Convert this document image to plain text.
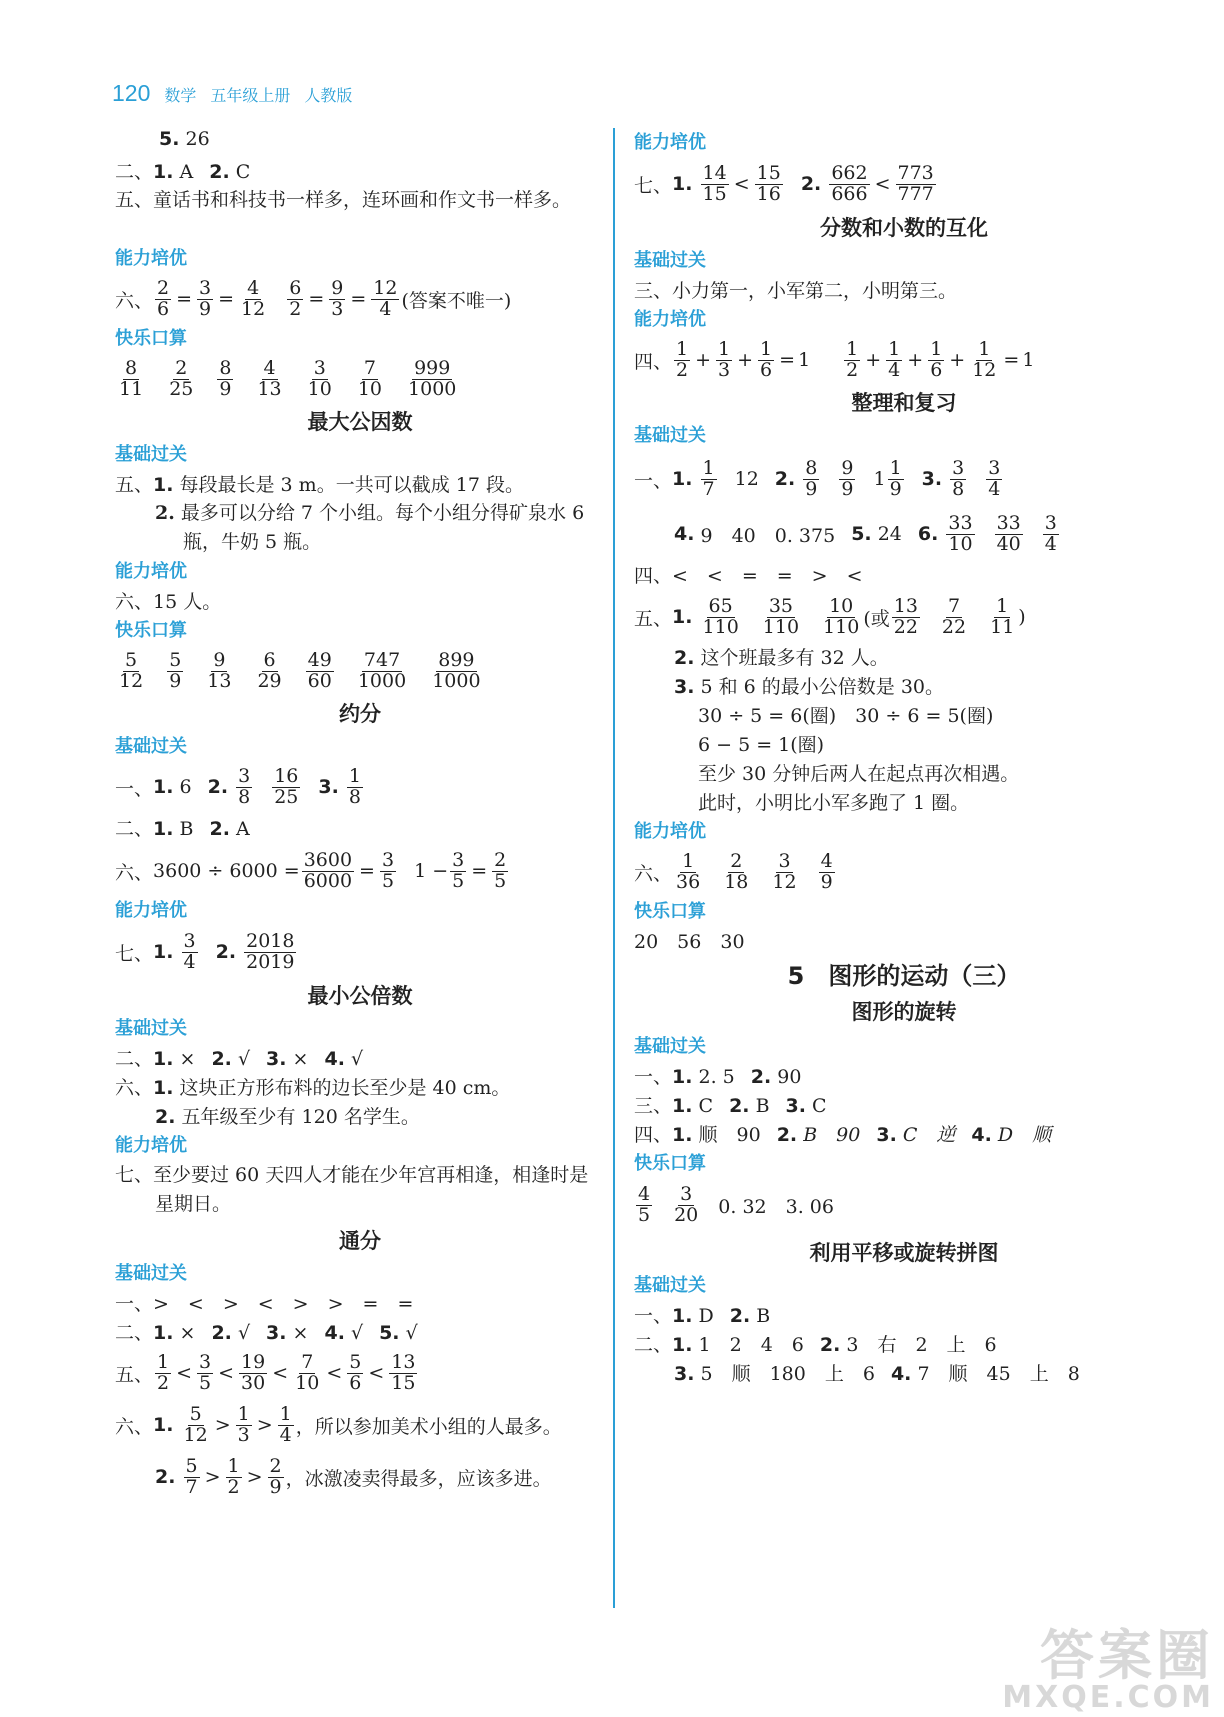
120 数学 五年级上册 人教版
5. 26
二、1. A 2. C
五、童话书和科技书一样多，连环画和作文书一样多。
能力培优
六、 $\frac{2}{6} = \frac{3}{9} = \frac{4}{12} \frac{6}{2} = \frac{9}{3} = \frac{12}{4}$ (答案不唯一)
快乐口算
8
11
2
25
8
9
4
13
3
10
7
10
999
1000
最大公因数
基础过关
五、1. 每段最长是 3 m。一共可以截成 17 段。
2. 最多可以分给 7 个小组。每个小组分得矿泉水 6 瓶，牛奶 5 瓶。
能力培优
六、15 人。
快乐口算
5
12
5
9
9
13
6
29
49
60
747
1000
899
1000
约分
基础过关
一、 1.
6 2.

3
8
16
25 3.

1
8
二、1. B 2. A
六、 $3600 \div 6000 = \frac{3600}{6000} = \frac{3}{5} 1 - \frac{3}{5} = \frac{2}{5}$
能力培优
七、 1.

3
4 2.

2018
2019
最小公倍数
基础过关
二、1. × 2. √ 3. × 4. √
六、1. 这块正方形布料的边长至少是 40 cm。
2. 五年级至少有 120 名学生。
能力培优
七、至少要过 60 天四人才能在少年宫再相逢，相逢时是星期日。
通分
基础过关
一、>　<　>　<　>　>　=　=
二、1. × 2. √ 3. × 4. √ 5. √
五、
1
2 <
3
5 <
19
30 <
7
10 <
5
6 <
13
15
六、 1.

5
12 >
1
3 >
1
4 ，所以参加美术小组的人最多。
2.

5
7 >
1
2 >
2
9 ，冰激凌卖得最多，应该多进。
能力培优
七、 1.

14
15 <
15
16 2.

662
666 <
773
777
分数和小数的互化
基础过关
三、小力第一，小军第二，小明第三。
能力培优
四、
1
$2 + \frac{1}{3} + \frac{1}{6} = 1$
1
$2 + \frac{1}{4} + \frac{1}{6} + \frac{1}{12} = 1$
整理和复习
基础过关
一、 1.

1
7 12 2.

8
9
9
9 1
1
9 3.

3
8
3
4
4.
9　40　0. 375 5.
24 6.

33
10
33
40
3
4
四、<　<　=　=　>　<
五、 1.

65
110
35
110
10
110 (或
13
22
7
22
1
11 )
2. 这个班最多有 32 人。
3. 5 和 6 的最小公倍数是 30。
30 ÷ 5 = 6(圈)　30 ÷ 6 = 5(圈)
6 − 5 = 1(圈)
至少 30 分钟后两人在起点再次相遇。
此时，小明比小军多跑了 1 圈。
能力培优
六、
1
36
2
18
3
12
4
9
快乐口算
20　56　30
5　图形的运动（三）
图形的旋转
基础过关
一、1. 2. 5 2. 90
三、1. C 2. B 3. C
四、1. 顺　90 2. B　90 3. C　逆 4. D　顺
快乐口算
4
5
3
20 0. 32　3. 06
利用平移或旋转拼图
基础过关
一、1. D 2. B
二、1. 1　2　4　6 2. 3　右　2　上　6
3. 5　顺　180　上　6 4. 7　顺　45　上　8
答案圈
MXQE.COM
